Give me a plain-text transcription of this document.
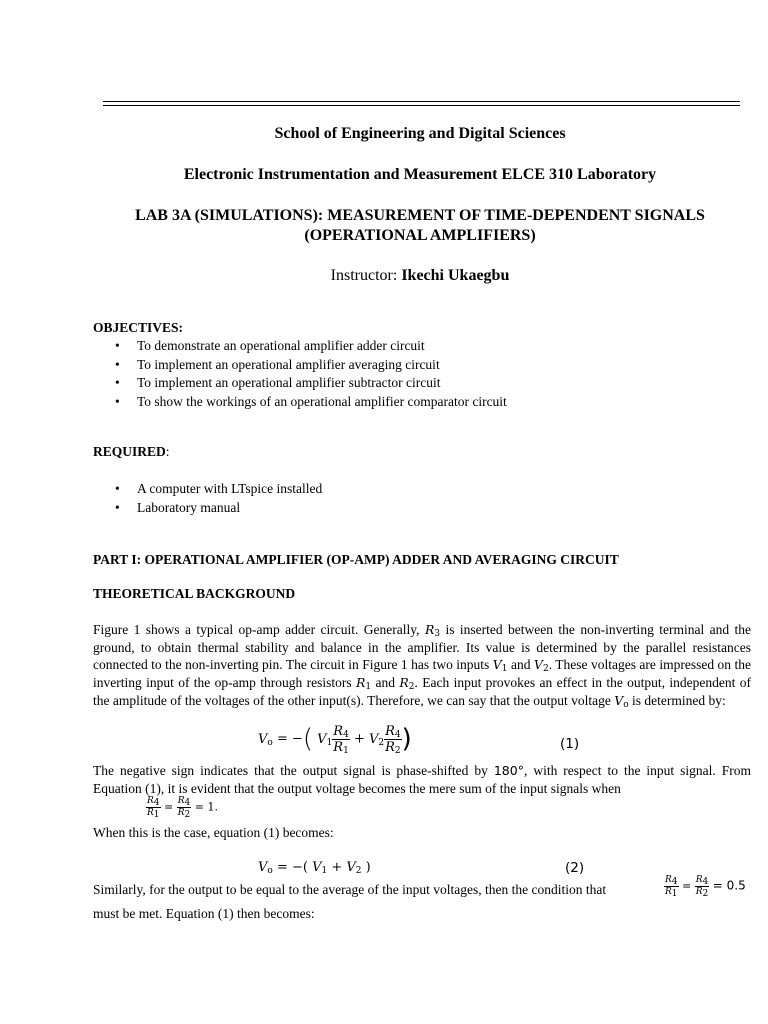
School of Engineering and Digital Sciences
Electronic Instrumentation and Measurement ELCE 310 Laboratory
LAB 3A (SIMULATIONS): MEASUREMENT OF TIME-DEPENDENT SIGNALS
(OPERATIONAL AMPLIFIERS)
Instructor: Ikechi Ukaegbu
OBJECTIVES:
• To demonstrate an operational amplifier adder circuit
• To implement an operational amplifier averaging circuit
• To implement an operational amplifier subtractor circuit
• To show the workings of an operational amplifier comparator circuit
REQUIRED:
• A computer with LTspice installed
• Laboratory manual
PART I: OPERATIONAL AMPLIFIER (OP-AMP) ADDER AND AVERAGING CIRCUIT
THEORETICAL BACKGROUND

Figure 1 shows a typical op-amp adder circuit. Generally, $R_3$ is inserted between the non-inverting terminal and the ground, to obtain thermal stability and balance in the amplifier. Its value is determined by the parallel resistances connected to the non-inverting pin. The circuit in Figure 1 has two inputs $V_1$ and $V_2$. These voltages are impressed on the inverting input of the op-amp through resistors $R_1$ and $R_2$. Each input provokes an effect in the output, independent of the amplitude of the voltages of the other input(s). Therefore, we can say that the output voltage $V_o$ is determined by:

$V_o$ = −( $V_1 \frac{R_4}{R_1} + V_2 \frac{R_4}{R_2}$ )	(1)

The negative sign indicates that the output signal is phase-shifted by 180°, with respect to the input signal. From Equation (1), it is evident that the output voltage becomes the mere sum of the input signals when

$\frac{R_4}{R_1} = \frac{R_4}{R_2} = 1$.

When this is the case, equation (1) becomes:

$V_o$ = −( $V_1 + V_2$ )	(2)

Similarly, for the output to be equal to the average of the input voltages, then the condition that	$\frac{R_4}{R_1} = \frac{R_4}{R_2} = 0.5$

must be met. Equation (1) then becomes:
